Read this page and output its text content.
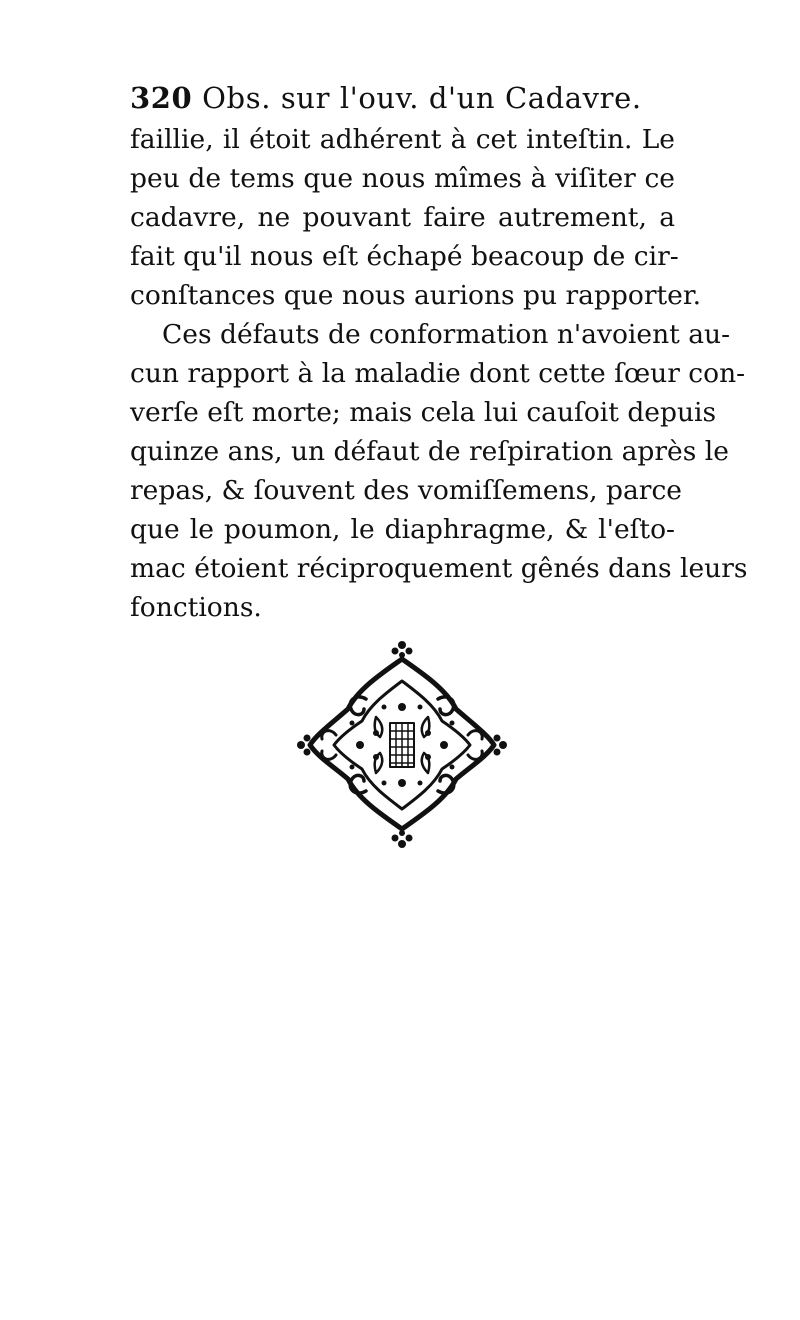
320 Obs. sur l'ouv. d'un Cadavre.
faillie, il étoit adhérent à cet inteſtin. Le
peu de tems que nous mîmes à viſiter ce
cadavre, ne pouvant faire autrement, a
fait qu'il nous eſt échapé beacoup de cir-
conſtances que nous aurions pu rapporter.
Ces défauts de conformation n'avoient au-
cun rapport à la maladie dont cette ſœur con-
verſe eſt morte; mais cela lui cauſoit depuis
quinze ans, un défaut de reſpiration après le
repas, & ſouvent des vomiſſemens, parce
que le poumon, le diaphragme, & l'eſto-
mac étoient réciproquement gênés dans leurs
fonctions.
